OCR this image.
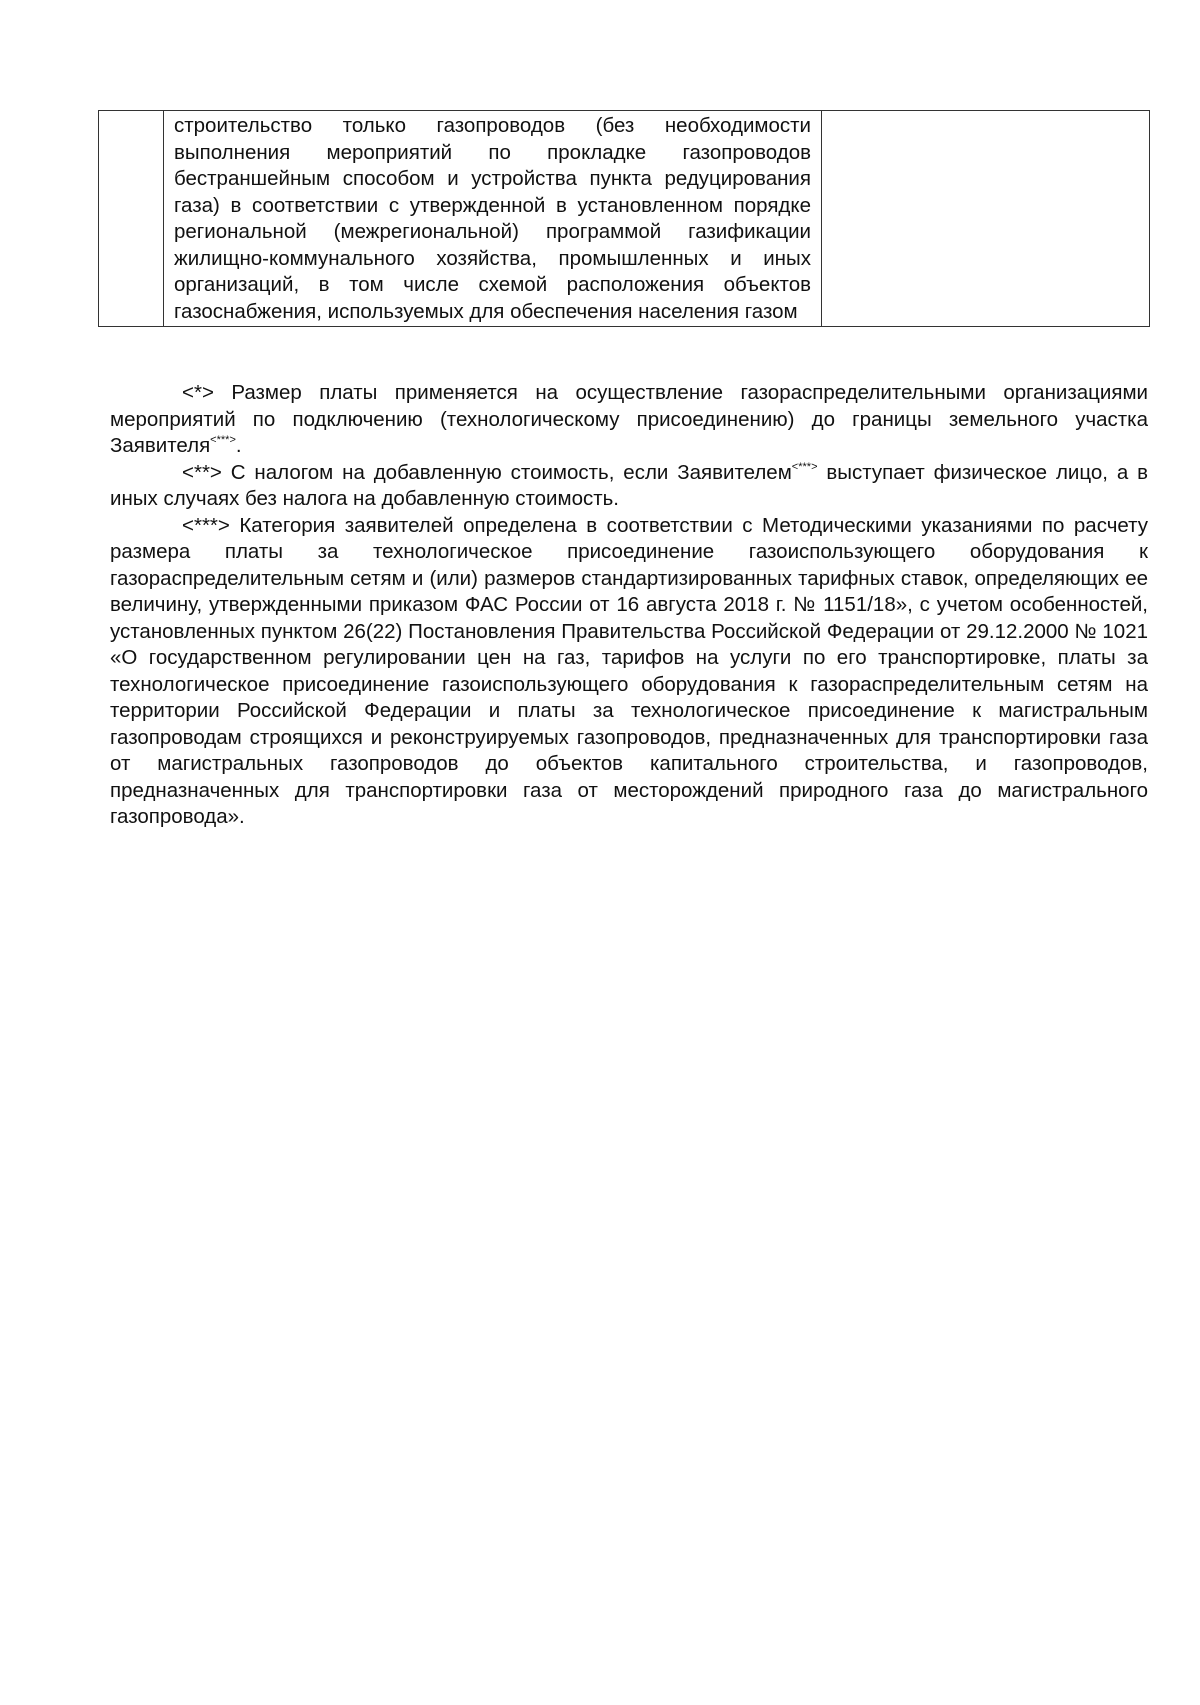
строительство только газопроводов (без необходимости выполнения мероприятий по прокладке газопроводов бестраншейным способом и устройства пункта редуцирования газа) в соответствии с утвержденной в установленном порядке региональной (межрегиональной) программой газификации жилищно-коммунального хозяйства, промышленных и иных организаций, в том числе схемой расположения объектов газоснабжения, используемых для обеспечения населения газом

<*> Размер платы применяется на осуществление газораспределительными организациями мероприятий по подключению (технологическому присоединению) до границы земельного участка Заявителя<***>.

<**> С налогом на добавленную стоимость, если Заявителем<***> выступает физическое лицо, а в иных случаях без налога на добавленную стоимость.

<***> Категория заявителей определена в соответствии с Методическими указаниями по расчету размера платы за технологическое присоединение газоиспользующего оборудования к газораспределительным сетям и (или) размеров стандартизированных тарифных ставок, определяющих ее величину, утвержденными приказом ФАС России от 16 августа 2018 г. № 1151/18», с учетом особенностей, установленных пунктом 26(22) Постановления Правительства Российской Федерации от 29.12.2000 № 1021 «О государственном регулировании цен на газ, тарифов на услуги по его транспортировке, платы за технологическое присоединение газоиспользующего оборудования к газораспределительным сетям на территории Российской Федерации и платы за технологическое присоединение к магистральным газопроводам строящихся и реконструируемых газопроводов, предназначенных для транспортировки газа от магистральных газопроводов до объектов капитального строительства, и газопроводов, предназначенных для транспортировки газа от месторождений природного газа до магистрального газопровода».
